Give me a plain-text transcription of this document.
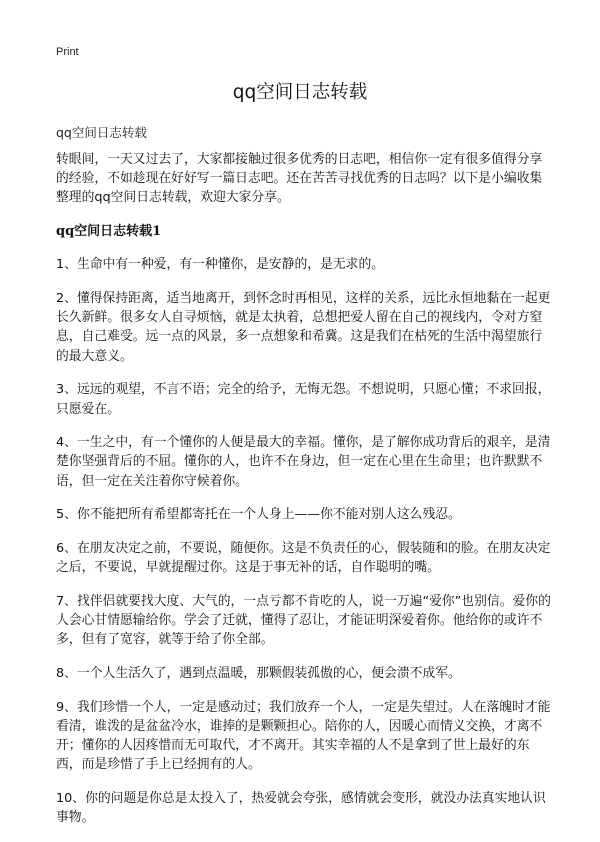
Print
qq空间日志转载
qq空间日志转载

转眼间，一天又过去了，大家都接触过很多优秀的日志吧，相信你一定有很多值得分享的经验，不如趁现在好好写一篇日志吧。还在苦苦寻找优秀的日志吗？以下是小编收集整理的qq空间日志转载，欢迎大家分享。

qq空间日志转载1

1、生命中有一种爱，有一种懂你，是安静的，是无求的。

2、懂得保持距离，适当地离开，到怀念时再相见，这样的关系，远比永恒地黏在一起更长久新鲜。很多女人自寻烦恼，就是太执着，总想把爱人留在自己的视线内，令对方窒息，自己难受。远一点的风景，多一点想象和希冀。这是我们在枯死的生活中渴望旅行的最大意义。

3、远远的观望，不言不语；完全的给予，无悔无怨。不想说明，只愿心懂；不求回报，只愿爱在。

4、一生之中，有一个懂你的人便是最大的幸福。懂你，是了解你成功背后的艰辛，是清楚你坚强背后的不屈。懂你的人，也许不在身边，但一定在心里在生命里；也许默默不语，但一定在关注着你守候着你。

5、你不能把所有希望都寄托在一个人身上——你不能对别人这么残忍。

6、在朋友决定之前，不要说，随便你。这是不负责任的心，假装随和的脸。在朋友决定之后，不要说，早就提醒过你。这是于事无补的话，自作聪明的嘴。

7、找伴侣就要找大度、大气的，一点亏都不肯吃的人，说一万遍“爱你”也别信。爱你的人会心甘情愿输给你。学会了迁就，懂得了忍让，才能证明深爱着你。他给你的或许不多，但有了宽容，就等于给了你全部。

8、一个人生活久了，遇到点温暖，那颗假装孤傲的心，便会溃不成军。

9、我们珍惜一个人，一定是感动过；我们放弃一个人，一定是失望过。人在落魄时才能看清，谁泼的是盆盆冷水，谁捧的是颗颗担心。陪你的人，因暖心而情义交换，才离不开；懂你的人因疼惜而无可取代，才不离开。其实幸福的人不是拿到了世上最好的东西，而是珍惜了手上已经拥有的人。

10、你的问题是你总是太投入了，热爱就会夸张，感情就会变形，就没办法真实地认识事物。
